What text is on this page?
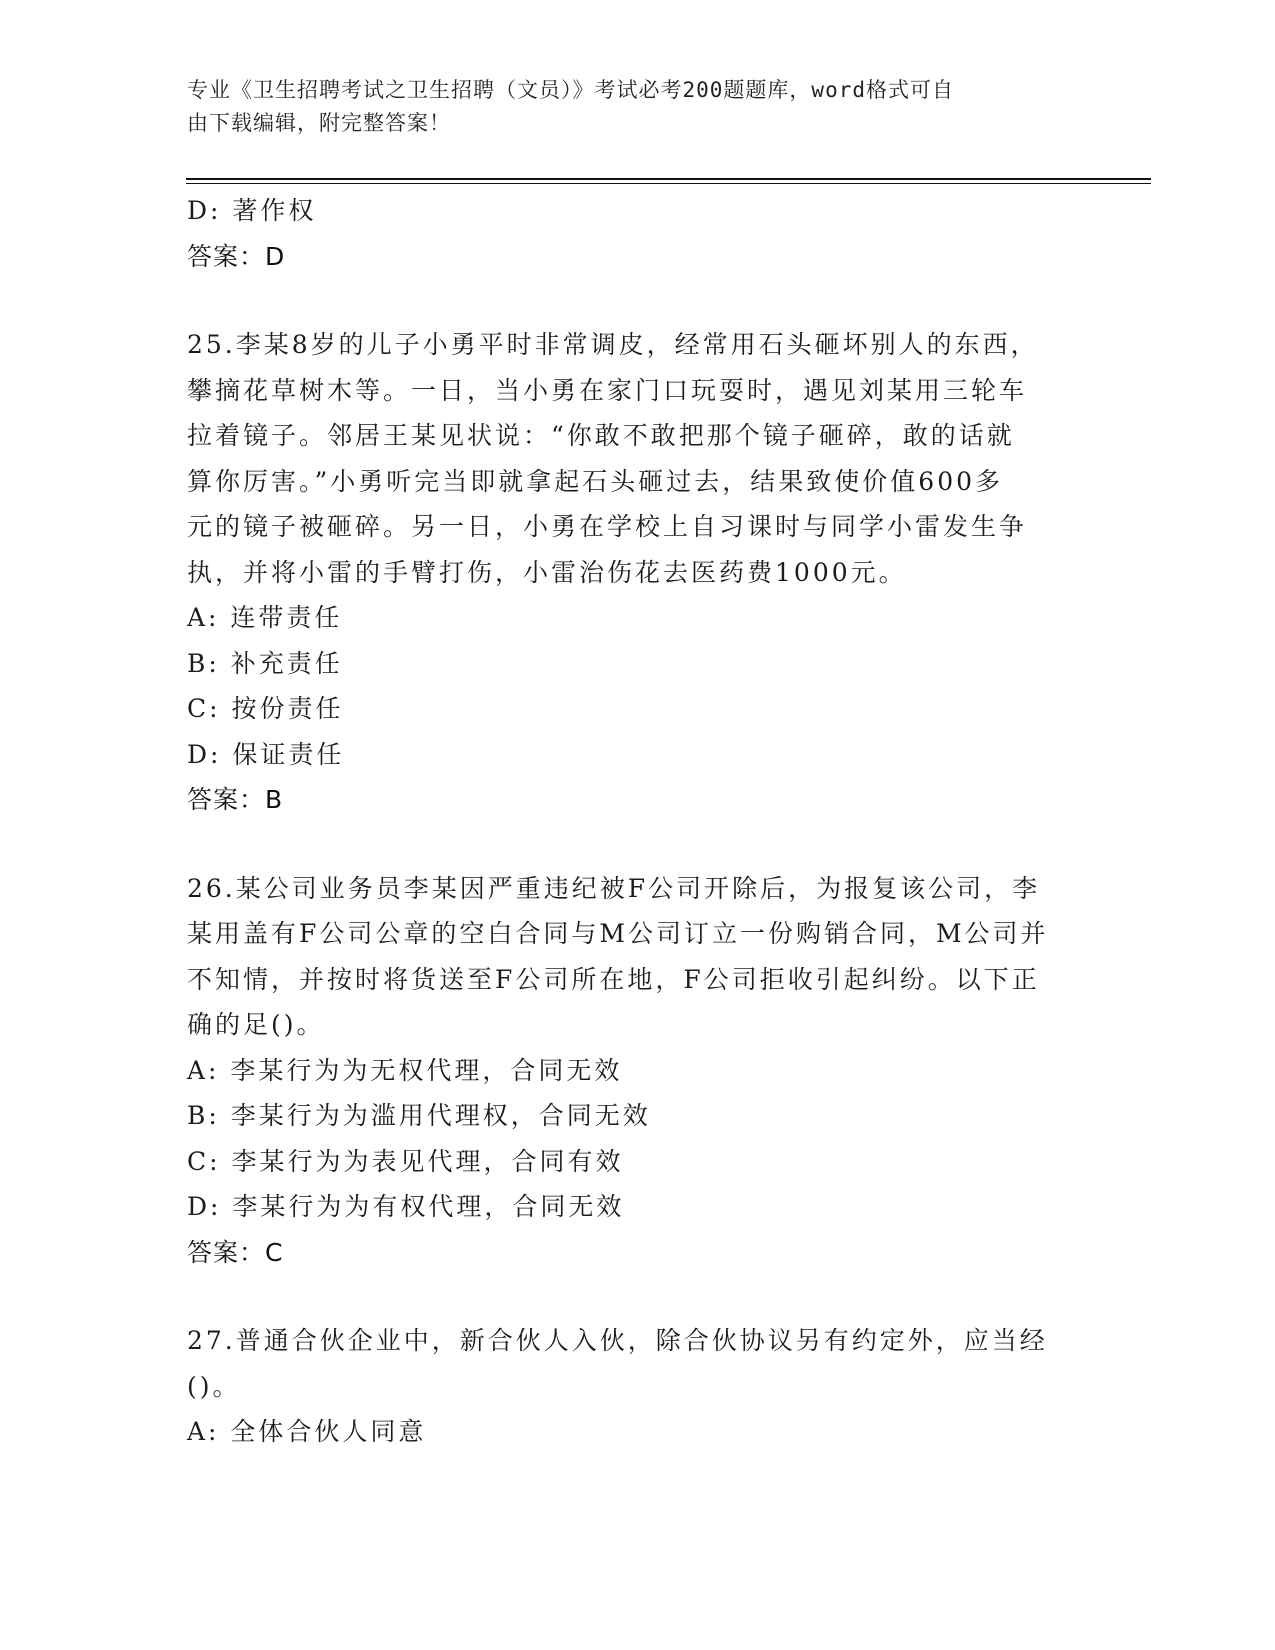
专业《卫生招聘考试之卫生招聘（文员）》考试必考200题题库，word格式可自
由下载编辑，附完整答案！
D: 著作权
答案：D
25.李某8岁的儿子小勇平时非常调皮，经常用石头砸坏别人的东西，
攀摘花草树木等。一日，当小勇在家门口玩耍时，遇见刘某用三轮车
拉着镜子。邻居王某见状说：“你敢不敢把那个镜子砸碎，敢的话就
算你厉害。”小勇听完当即就拿起石头砸过去，结果致使价值600多
元的镜子被砸碎。另一日，小勇在学校上自习课时与同学小雷发生争
执，并将小雷的手臂打伤，小雷治伤花去医药费1000元。
A: 连带责任
B: 补充责任
C: 按份责任
D: 保证责任
答案：B
26.某公司业务员李某因严重违纪被F公司开除后，为报复该公司，李
某用盖有F公司公章的空白合同与M公司订立一份购销合同，M公司并
不知情，并按时将货送至F公司所在地，F公司拒收引起纠纷。以下正
确的足()。
A: 李某行为为无权代理，合同无效
B: 李某行为为滥用代理权，合同无效
C: 李某行为为表见代理，合同有效
D: 李某行为为有权代理，合同无效
答案：C
27.普通合伙企业中，新合伙人入伙，除合伙协议另有约定外，应当经
()。
A: 全体合伙人同意
